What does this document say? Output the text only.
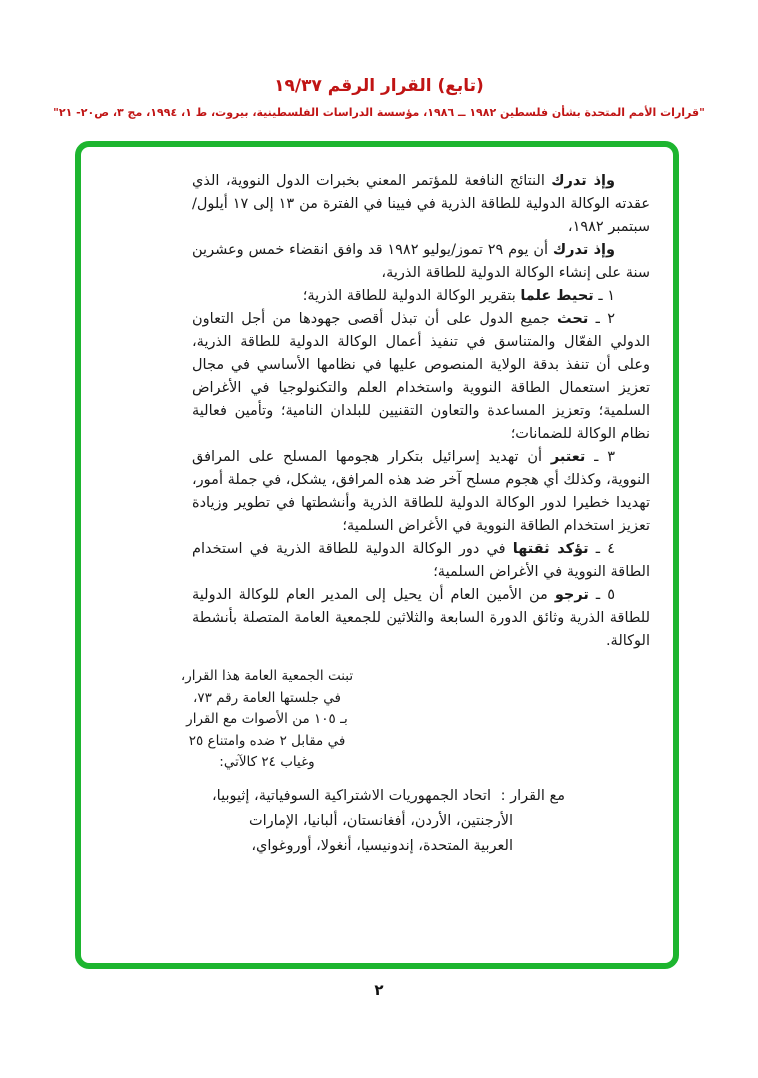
(تابع) القرار الرقم ١٩/٣٧
"قرارات الأمم المتحدة بشأن فلسطين ١٩٨٢ ــ ١٩٨٦، مؤسسة الدراسات الفلسطينية، بيروت، ط ١، ١٩٩٤، مج ٣، ص٢٠- ٢١"

وإذ تدرك النتائج النافعة للمؤتمر المعني بخبرات الدول النووية، الذي عقدته الوكالة الدولية للطاقة الذرية في فيينا في الفترة من ١٣ إلى ١٧ أيلول/سبتمبر ١٩٨٢،

وإذ تدرك أن يوم ٢٩ تموز/يوليو ١٩٨٢ قد وافق انقضاء خمس وعشرين سنة على إنشاء الوكالة الدولية للطاقة الذرية،

١ ـ تحيط علما بتقرير الوكالة الدولية للطاقة الذرية؛

٢ ـ تحث جميع الدول على أن تبذل أقصى جهودها من أجل التعاون الدولي الفعّال والمتناسق في تنفيذ أعمال الوكالة الدولية للطاقة الذرية، وعلى أن تنفذ بدقة الولاية المنصوص عليها في نظامها الأساسي في مجال تعزيز استعمال الطاقة النووية واستخدام العلم والتكنولوجيا في الأغراض السلمية؛ وتعزيز المساعدة والتعاون التقنيين للبلدان النامية؛ وتأمين فعالية نظام الوكالة للضمانات؛

٣ ـ تعتبر أن تهديد إسرائيل بتكرار هجومها المسلح على المرافق النووية، وكذلك أي هجوم مسلح آخر ضد هذه المرافق، يشكل، في جملة أمور، تهديدا خطيرا لدور الوكالة الدولية للطاقة الذرية وأنشطتها في تطوير وزيادة تعزيز استخدام الطاقة النووية في الأغراض السلمية؛

٤ ـ تؤكد ثقتها في دور الوكالة الدولية للطاقة الذرية في استخدام الطاقة النووية في الأغراض السلمية؛

٥ ـ ترجو من الأمين العام أن يحيل إلى المدير العام للوكالة الدولية للطاقة الذرية وثائق الدورة السابعة والثلاثين للجمعية العامة المتصلة بأنشطة الوكالة.

تبنت الجمعية العامة هذا القرار،
في جلستها العامة رقم ٧٣،
بـ ١٠٥ من الأصوات مع القرار
في مقابل ٢ ضده وامتناع ٢٥
وغياب ٢٤ كالآتي:
مع القرار : اتحاد الجمهوريات الاشتراكية السوفياتية، إثيوبيا،
الأرجنتين، الأردن، أفغانستان، ألبانيا، الإمارات
العربية المتحدة، إندونيسيا، أنغولا، أوروغواي،
٢
